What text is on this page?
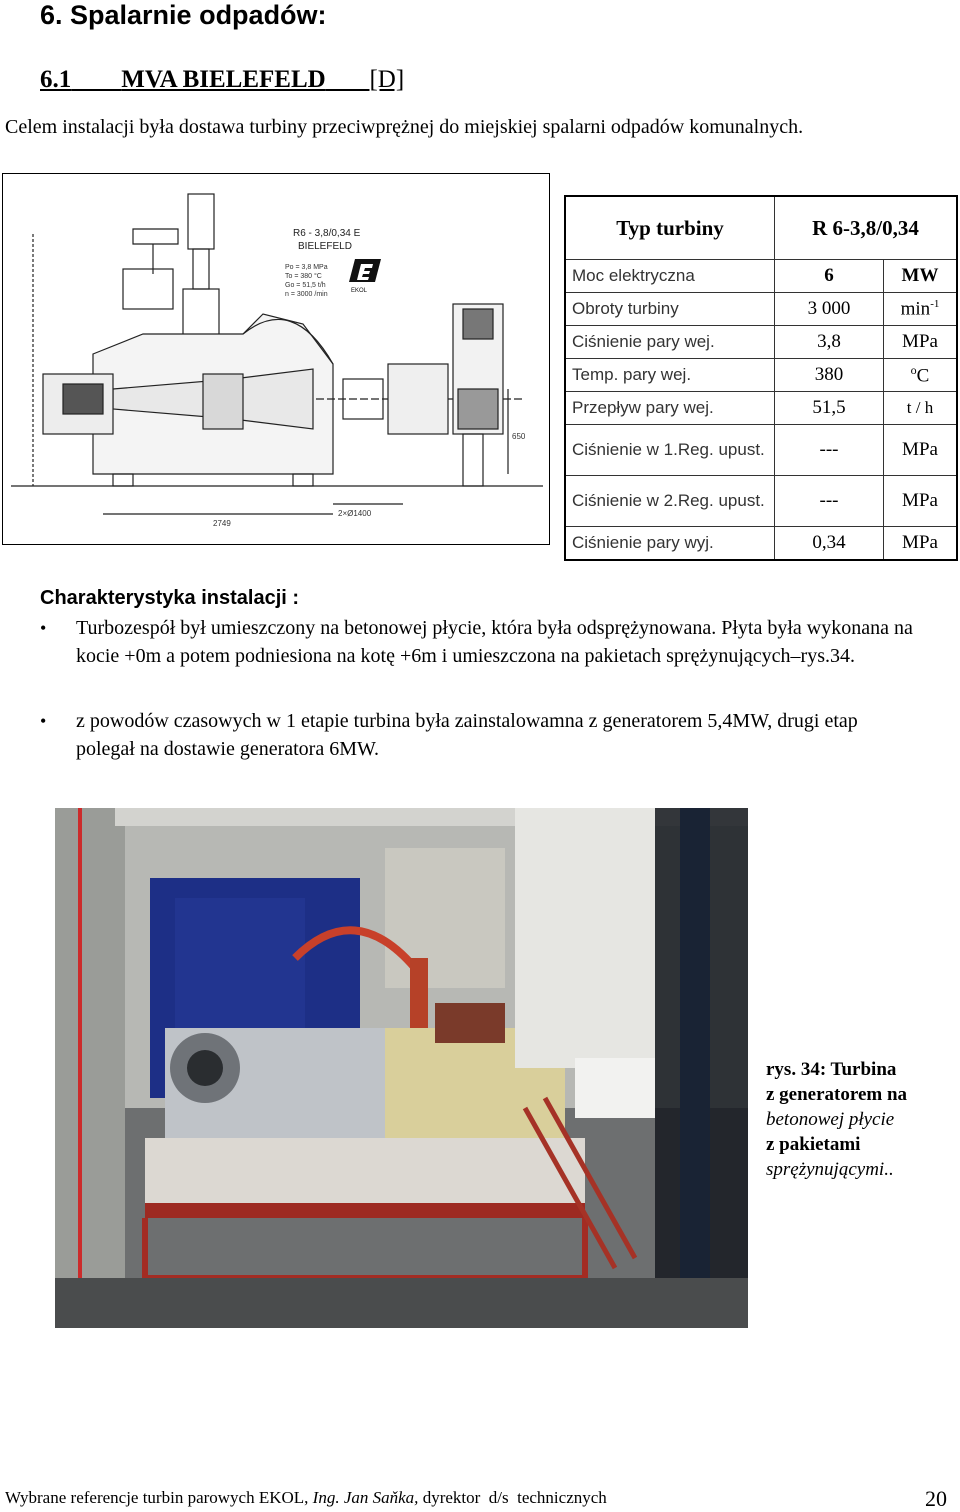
6. Spalarnie odpadów:
6.1 MVA BIELEFELD [D]
Celem instalacji była dostawa turbiny przeciwprężnej do miejskiej spalarni odpadów komunalnych.
R6 - 3,8/0,34 E
BIELEFELD
Po = 3,8 MPa
To = 380 °C
Go = 51,5 t/h
n = 3000 /min	EKOL
2749
2×Ø1400
650
Typ turbiny	R 6-3,8/0,34	
Moc elektryczna	6	MW
Obroty turbiny	3 000	$\min^{-1}$
Ciśnienie pary wej.	3,8	MPa
Temp. pary wej.	380	$^o$C
Przepływ pary wej.	51,5	t / h
Ciśnienie w 1.Reg. upust.	---	MPa
Ciśnienie w 2.Reg. upust.	---	MPa
Ciśnienie pary wyj.	0,34	MPa
Charakterystyka instalacji :
• Turbozespół był umieszczony na betonowej płycie, która była odsprężynowana. Płyta była wykonana na kocie +0m a potem podniesiona na kotę +6m i umieszczona na pakietach sprężynujących–rys.34.
• z powodów czasowych w 1 etapie turbina była zainstalowamna z generatorem 5,4MW, drugi etap polegał na dostawie generatora 6MW.
rys. 34: Turbina
z generatorem na
betonowej płycie
z pakietami
sprężynującymi..
Wybrane referencje turbin parowych EKOL, Ing. Jan Saňka, dyrektor  d/s  technicznych	20
